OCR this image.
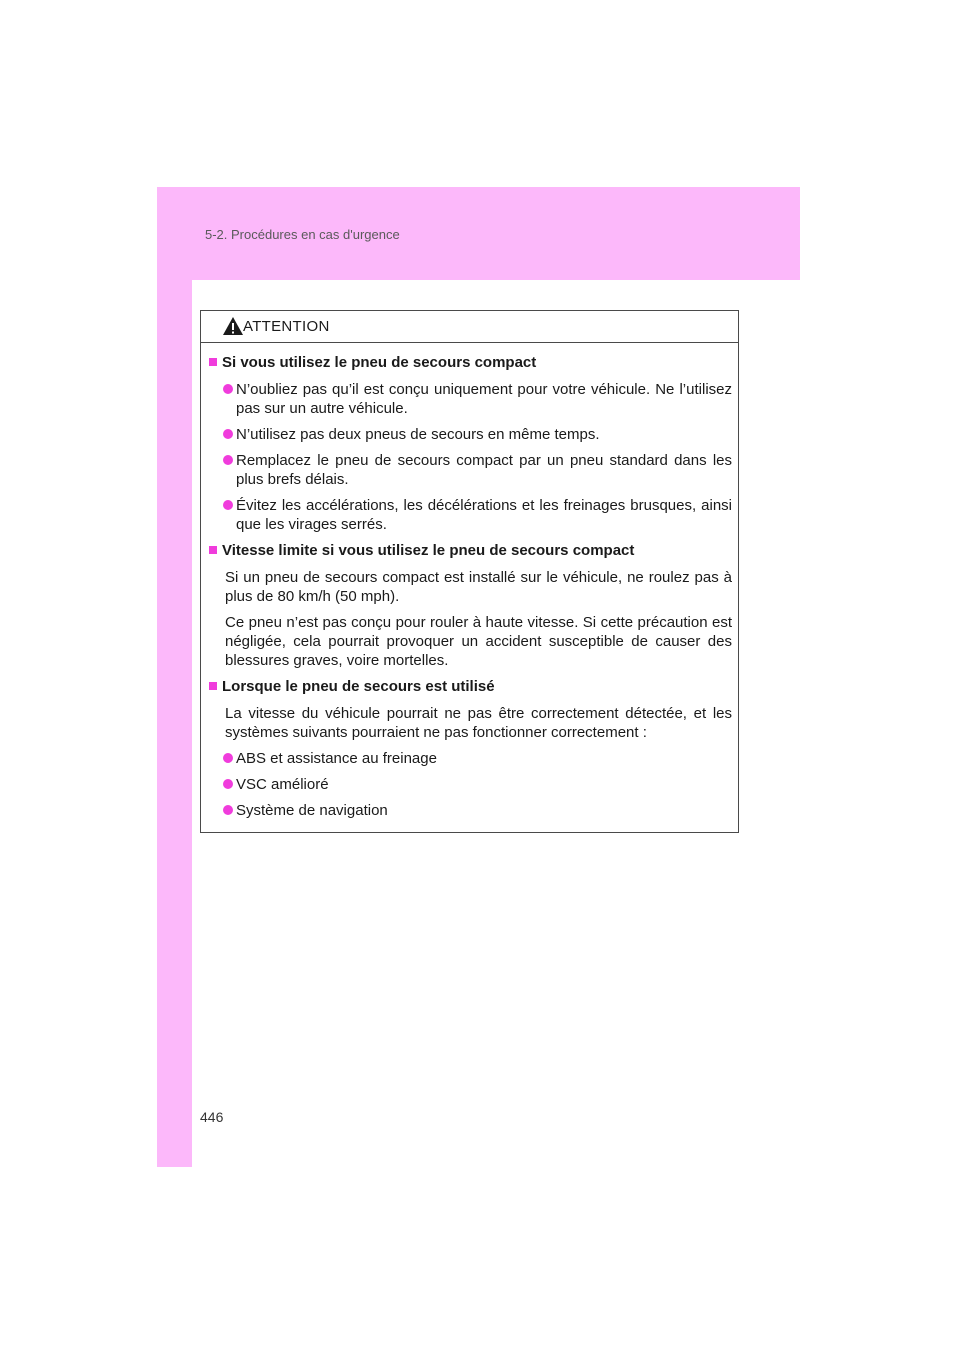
5-2. Procédures en cas d'urgence
ATTENTION
Si vous utilisez le pneu de secours compact
N’oubliez pas qu’il est conçu uniquement pour votre véhicule. Ne l’utilisez pas sur un autre véhicule.
N’utilisez pas deux pneus de secours en même temps.
Remplacez le pneu de secours compact par un pneu standard dans les plus brefs délais.
Évitez les accélérations, les décélérations et les freinages brusques, ainsi que les virages serrés.
Vitesse limite si vous utilisez le pneu de secours compact
Si un pneu de secours compact est installé sur le véhicule, ne roulez pas à plus de 80 km/h (50 mph).
Ce pneu n’est pas conçu pour rouler à haute vitesse. Si cette précaution est négligée, cela pourrait provoquer un accident susceptible de causer des blessures graves, voire mortelles.
Lorsque le pneu de secours est utilisé
La vitesse du véhicule pourrait ne pas être correctement détectée, et les systèmes suivants pourraient ne pas fonctionner correctement :
ABS et assistance au freinage
VSC amélioré
Système de navigation
446
